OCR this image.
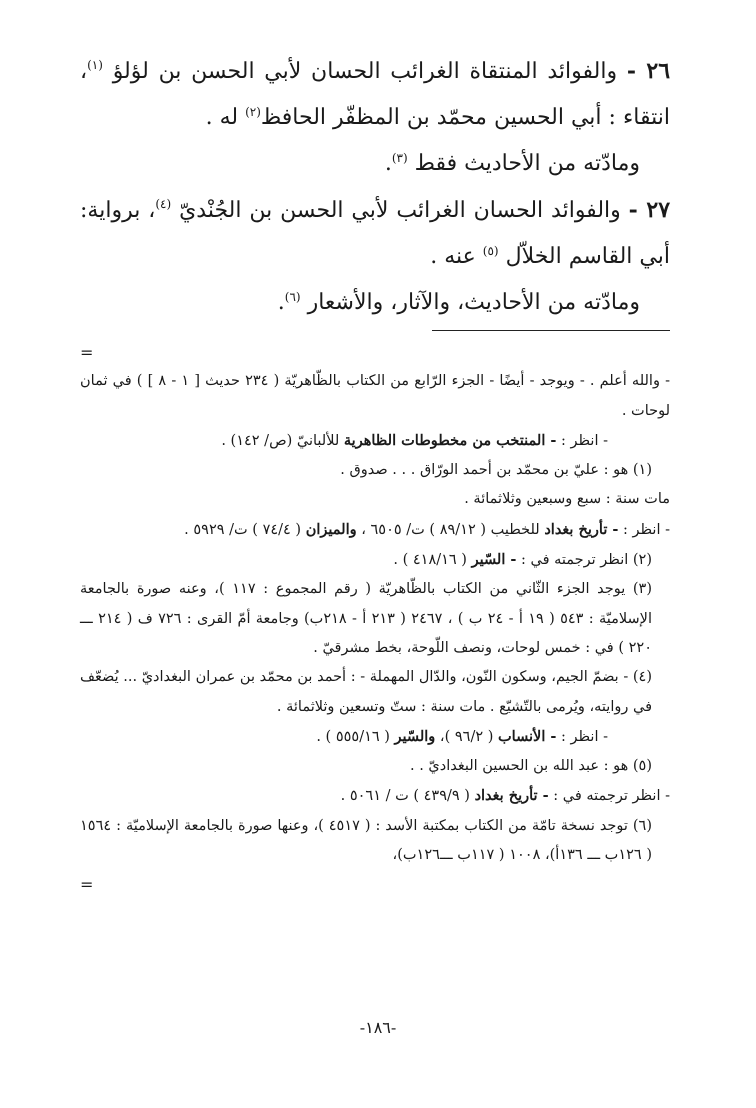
٢٦ - والفوائد المنتقاة الغرائب الحسان لأبي الحسن بن لؤلؤ $^{(١)}$، انتقاء : أبي الحسين محمّد بن المظفّر الحافظ$^{(٢)}$ له .

ومادّته من الأحاديث فقط $^{(٣)}$.

٢٧ - والفوائد الحسان الغرائب لأبي الحسن بن الجُنْديّ $^{(٤)}$، برواية: أبي القاسم الخلاّل $^{(٥)}$ عنه .

ومادّته من الأحاديث، والآثار، والأشعار $^{(٦)}$.

=

- والله أعلم . - ويوجد - أيضًا - الجزء الرّابع من الكتاب بالظّاهريّة ( ٢٣٤ حديث [ ١ - ٨ ] ) في ثمان لوحات .

- انظر : - المنتخب من مخطوطات الظاهرية للألبانيّ (ص/ ١٤٢) .

(١) هو : عليّ بن محمّد بن أحمد الورّاق . . . صدوق .

مات سنة : سبع وسبعين وثلاثمائة .

- انظر : - تأريخ بغداد للخطيب ( ٨٩/١٢ ) ت/ ٦٥٠٥ ، والميزان ( ٧٤/٤ ) ت/ ٥٩٢٩ .

(٢) انظر ترجمته في : - السّير ( ٤١٨/١٦ ) .

(٣) يوجد الجزء الثّاني من الكتاب بالظّاهريّة ( رقم المجموع : ١١٧ )، وعنه صورة بالجامعة الإسلاميّة : ٥٤٣ ( ١٩ أ - ٢٤ ب ) ، ٢٤٦٧ ( ٢١٣ أ - ٢١٨ب) وجامعة أمّ القرى : ٧٢٦ ف ( ٢١٤ ـــ ٢٢٠ ) في : خمس لوحات، ونصف اللّوحة، بخط مشرقيّ .

(٤) - بضمّ الجيم، وسكون النّون، والدّال المهملة - : أحمد بن محمّد بن عمران البغداديّ ... يُضعّف في روايته، ويُرمى بالتّشيّع . مات سنة : ستّ وتسعين وثلاثمائة .

- انظر : - الأنساب ( ٩٦/٢ )، والسّير ( ٥٥٥/١٦ ) .

(٥) هو : عبد الله بن الحسين البغداديّ . .

- انظر ترجمته في : - تأريخ بغداد ( ٤٣٩/٩ ) ت / ٥٠٦١ .

(٦) توجد نسخة تامّة من الكتاب بمكتبة الأسد : ( ٤٥١٧ )، وعنها صورة بالجامعة الإسلاميّة : ١٥٦٤ ( ١٢٦ب ـــ ١٣٦أ)، ١٠٠٨ ( ١١٧ب ـــ١٢٦ب)،

=

-١٨٦-
